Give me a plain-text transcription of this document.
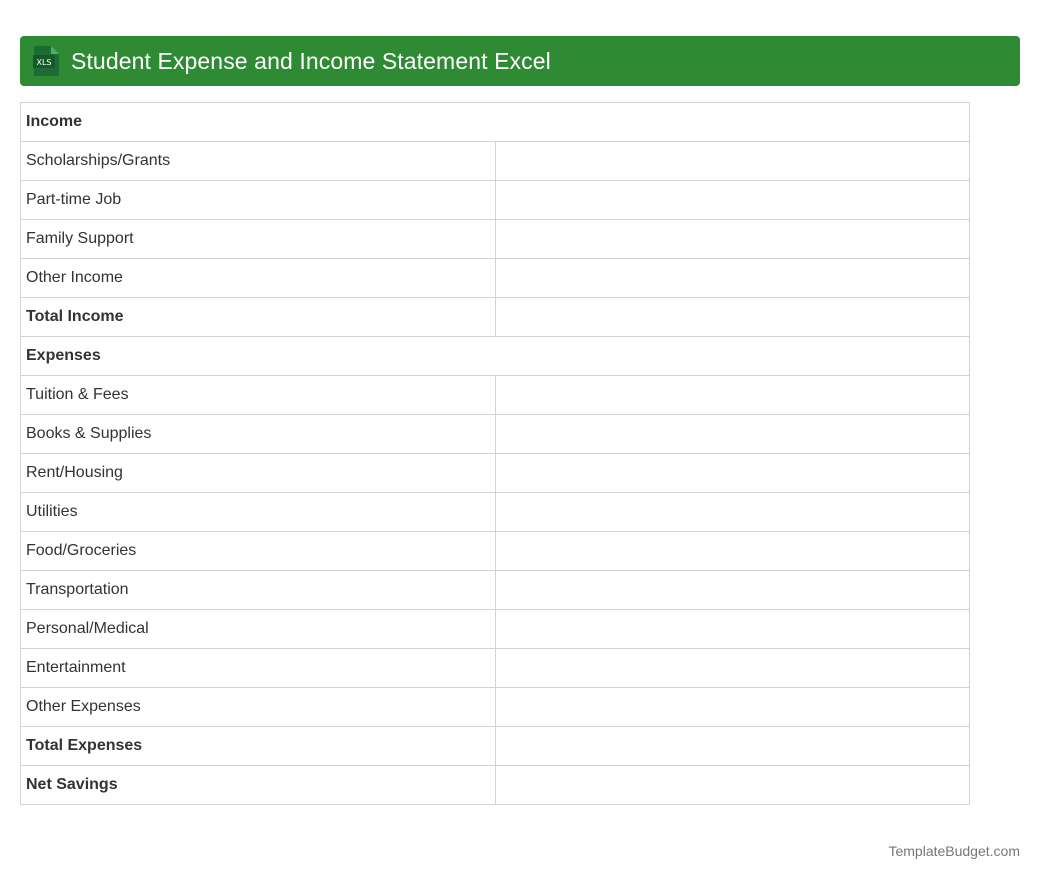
XLS Student Expense and Income Statement Excel
Income	
Scholarships/Grants	
Part-time Job	
Family Support	
Other Income	
Total Income	
Expenses	
Tuition & Fees	
Books & Supplies	
Rent/Housing	
Utilities	
Food/Groceries	
Transportation	
Personal/Medical	
Entertainment	
Other Expenses	
Total Expenses	
Net Savings	
TemplateBudget.com
